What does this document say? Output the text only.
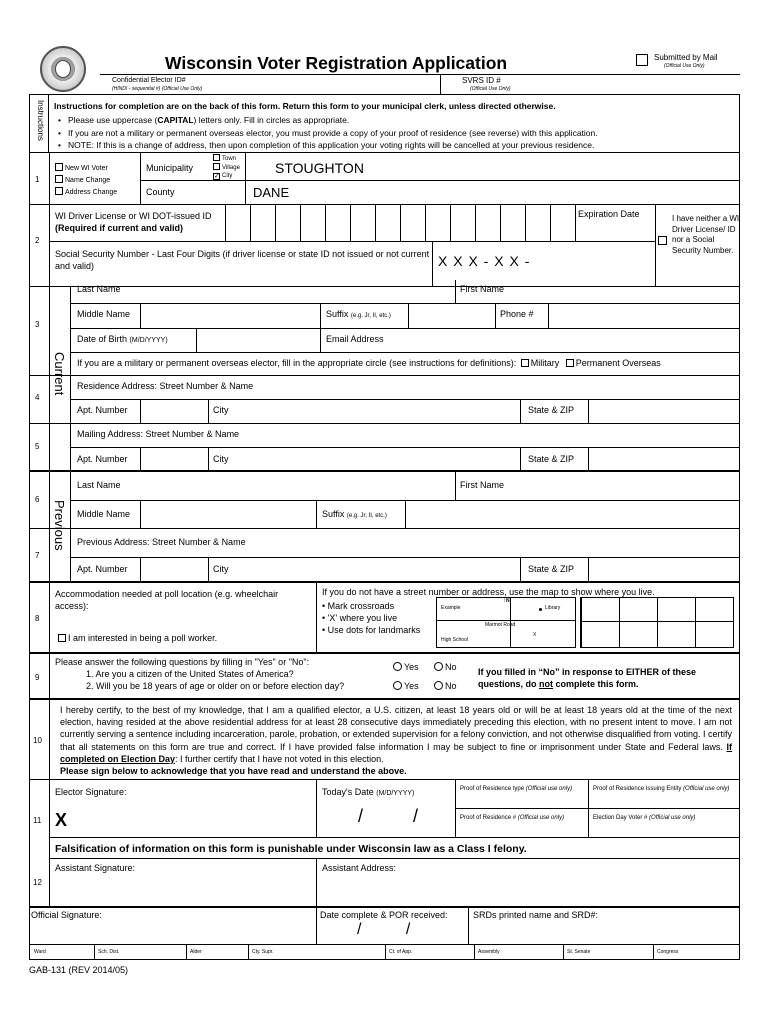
Wisconsin Voter Registration Application	Submitted by Mail
(Official Use Only)
Confidential Elector ID#
(HINDI - sequential #) (Official Use Only)
SVRS ID #
(Official Use Only)
Instructions Instructions for completion are on the back of this form. Return this form to your municipal clerk, unless directed otherwise.
• Please use uppercase (CAPITAL) letters only. Fill in circles as appropriate.
• If you are not a military or permanent overseas elector, you must provide a copy of your proof of residence (see reverse) with this application.
• NOTE: If this is a change of address, then upon completion of this application your voting rights will be cancelled at your previous residence.
1
New WI Voter
Name Change
Address Change
Municipality
Town
Village
✓ City	STOUGHTON
County	DANE
2
WI Driver License or WI DOT-issued ID
(Required if current and valid)
Expiration Date	I have neither a WI Driver License/ ID nor a Social Security Number.
Social Security Number - Last Four Digits (if driver license or state ID not issued or not current and valid)	X X X - X X -
Current
3
Last Name	First Name
Middle Name	Suffix (e.g. Jr, II, etc.)	Phone #
Date of Birth (M/D/YYYY)	Email Address
If you are a military or permanent overseas elector, fill in the appropriate circle (see instructions for definitions): Military Permanent Overseas
4
Residence Address: Street Number & Name
Apt. Number	City	State & ZIP
5
Mailing Address: Street Number & Name
Apt. Number	City	State & ZIP
Previous
6
Last Name	First Name
Middle Name	Suffix (e.g. Jr, II, etc.)
7
Previous Address: Street Number & Name
Apt. Number	City	State & ZIP
8
Accommodation needed at poll location (e.g. wheelchair access):
I am interested in being a poll worker.
If you do not have a street number or address, use the map to show where you live.
• Mark crossroads
• 'X' where you live
• Use dots for landmarks
Example
↑N
Library
Marmot Road
High School
X
9
Please answer the following questions by filling in "Yes" or "No":
1. Are you a citizen of the United States of America?
2. Will you be 18 years of age or older on or before election day?
Yes	No
Yes	No
If you filled in “No” in response to EITHER of these questions, do not complete this form.
10
I hereby certify, to the best of my knowledge, that I am a qualified elector, a U.S. citizen, at least 18 years old or will be at least 18 years old at the time of the next election, having resided at the above residential address for at least 28 consecutive days immediately preceding this election, with no present intent to move. I am not currently serving a sentence including incarceration, parole, probation, or extended supervision for a felony conviction, and not otherwise disqualified from voting. I certify that all statements on this form are true and correct. If I have provided false information I may be subject to fine or imprisonment under State and Federal laws. If completed on Election Day: I further certify that I have not voted in this election.
Please sign below to acknowledge that you have read and understand the above.
11
Elector Signature:
X
Today's Date (M/D/YYYY)
/          /
Proof of Residence type (Official use only)	Proof of Residence Issuing Entity (Official use only)
Proof of Residence # (Official use only)	Election Day Voter # (Official use only)
Falsification of information on this form is punishable under Wisconsin law as a Class I felony.
12
Assistant Signature:	Assistant Address:
Official Signature:	Date complete & POR received:
/          /
SRDs printed name and SRD#:
Ward	Sch. Dist.	Alder	Cty. Supr.	Ct. of App.	Assembly	St. Senate	Congress
GAB-131 (REV 2014/05)
